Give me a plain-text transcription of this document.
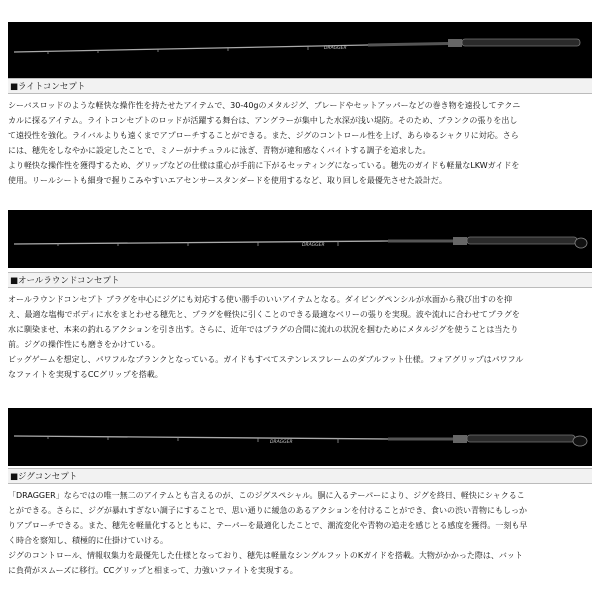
DRAGGER
■ライトコンセプト

シーバスロッドのような軽快な操作性を持たせたアイテムで、30-40gのメタルジグ、ブレードやセットアッパーなどの巻き物を遠投してテクニ

カルに探るアイテム。ライトコンセプトのロッドが活躍する舞台は、アングラーが集中した水深が浅い堤防。そのため、ブランクの張りを出し

て遠投性を強化。ライバルよりも遠くまでアプローチすることができる。また、ジグのコントロール性を上げ、あらゆるシャクリに対応。さら

には、穂先をしなやかに設定したことで、ミノーがナチュラルに泳ぎ、青物が違和感なくバイトする調子を追求した。

より軽快な操作性を獲得するため、グリップなどの仕様は重心が手前に下がるセッティングになっている。穂先のガイドも軽量なLKWガイドを

使用。リールシートも細身で握りこみやすいエアセンサースタンダードを使用するなど、取り回しを最優先させた設計だ。

DRAGGER
■オールラウンドコンセプト

オールラウンドコンセプト プラグを中心にジグにも対応する使い勝手のいいアイテムとなる。ダイビングペンシルが水面から飛び出すのを抑

え、最適な塩梅でボディに水をまとわせる穂先と、プラグを軽快に引くことのできる最適なベリーの張りを実現。波や流れに合わせてプラグを

水に馴染ませ、本来の釣れるアクションを引き出す。さらに、近年ではプラグの合間に流れの状況を掴むためにメタルジグを使うことは当たり

前。ジグの操作性にも磨きをかけている。

ビッグゲームを想定し、パワフルなブランクとなっている。ガイドもすべてステンレスフレームのダブルフット仕様。フォアグリップはパワフル

なファイトを実現するCCグリップを搭載。

DRAGGER
■ジグコンセプト

「DRAGGER」ならではの唯一無二のアイテムとも言えるのが、このジグスペシャル。胴に入るテーパーにより、ジグを終日、軽快にシャクるこ

とができる。さらに、ジグが暴れすぎない調子にすることで、思い通りに緩急のあるアクションを付けることができ、食いの渋い青物にもしっか

りアプローチできる。また、穂先を軽量化するとともに、テーパーを最適化したことで、潮流変化や青物の追走を感じとる感度を獲得。一刻も早

く時合を察知し、積極的に仕掛けていける。

ジグのコントロール、情報収集力を最優先した仕様となっており、穂先は軽量なシングルフットのKガイドを搭載。大物がかかった際は、バット

に負荷がスムーズに移行。CCグリップと相まって、力強いファイトを実現する。
